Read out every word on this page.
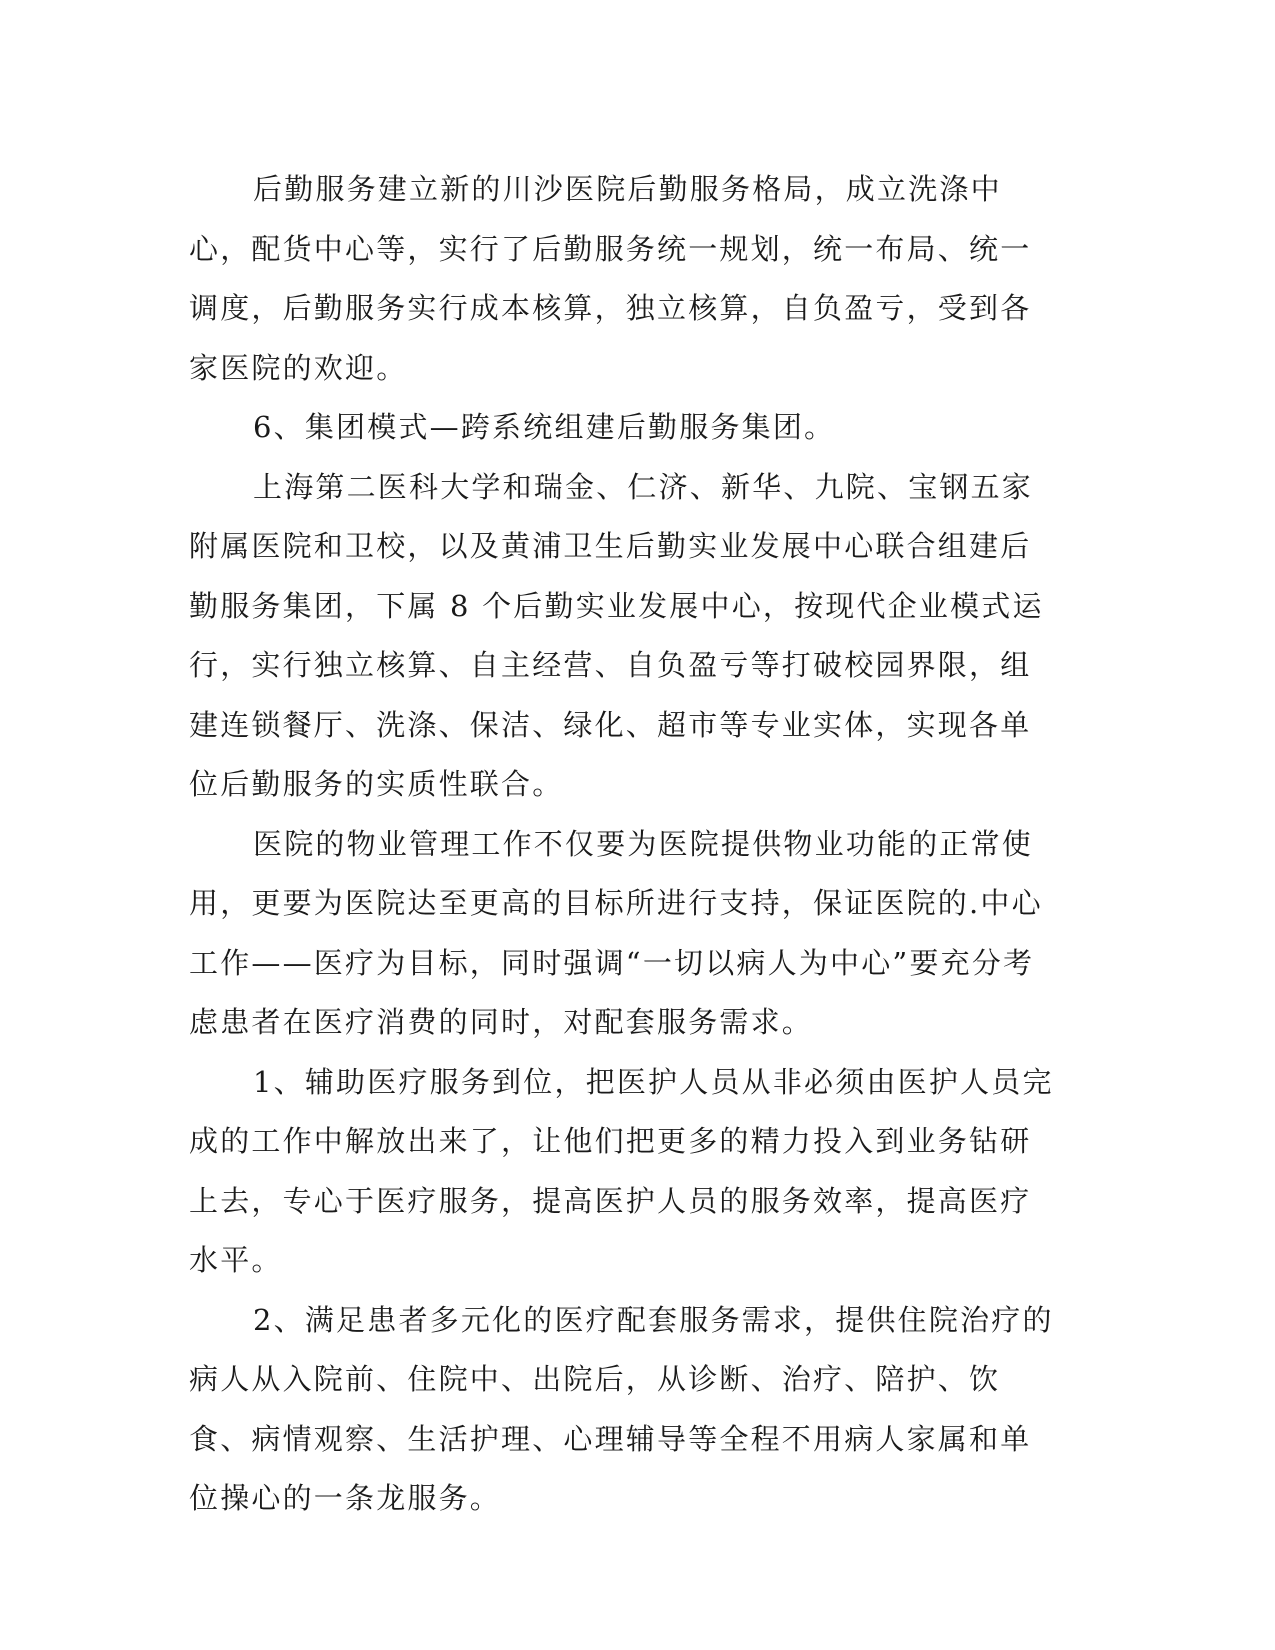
后勤服务建立新的川沙医院后勤服务格局，成立洗涤中心，配货中心等，实行了后勤服务统一规划，统一布局、统一调度，后勤服务实行成本核算，独立核算，自负盈亏，受到各家医院的欢迎。

6、集团模式—跨系统组建后勤服务集团。

上海第二医科大学和瑞金、仁济、新华、九院、宝钢五家附属医院和卫校，以及黄浦卫生后勤实业发展中心联合组建后勤服务集团，下属 8 个后勤实业发展中心，按现代企业模式运行，实行独立核算、自主经营、自负盈亏等打破校园界限，组建连锁餐厅、洗涤、保洁、绿化、超市等专业实体，实现各单位后勤服务的实质性联合。

医院的物业管理工作不仅要为医院提供物业功能的正常使用，更要为医院达至更高的目标所进行支持，保证医院的.中心工作——医疗为目标，同时强调“一切以病人为中心”要充分考虑患者在医疗消费的同时，对配套服务需求。

1、辅助医疗服务到位，把医护人员从非必须由医护人员完成的工作中解放出来了，让他们把更多的精力投入到业务钻研上去，专心于医疗服务，提高医护人员的服务效率，提高医疗水平。

2、满足患者多元化的医疗配套服务需求，提供住院治疗的病人从入院前、住院中、出院后，从诊断、治疗、陪护、饮食、病情观察、生活护理、心理辅导等全程不用病人家属和单位操心的一条龙服务。
